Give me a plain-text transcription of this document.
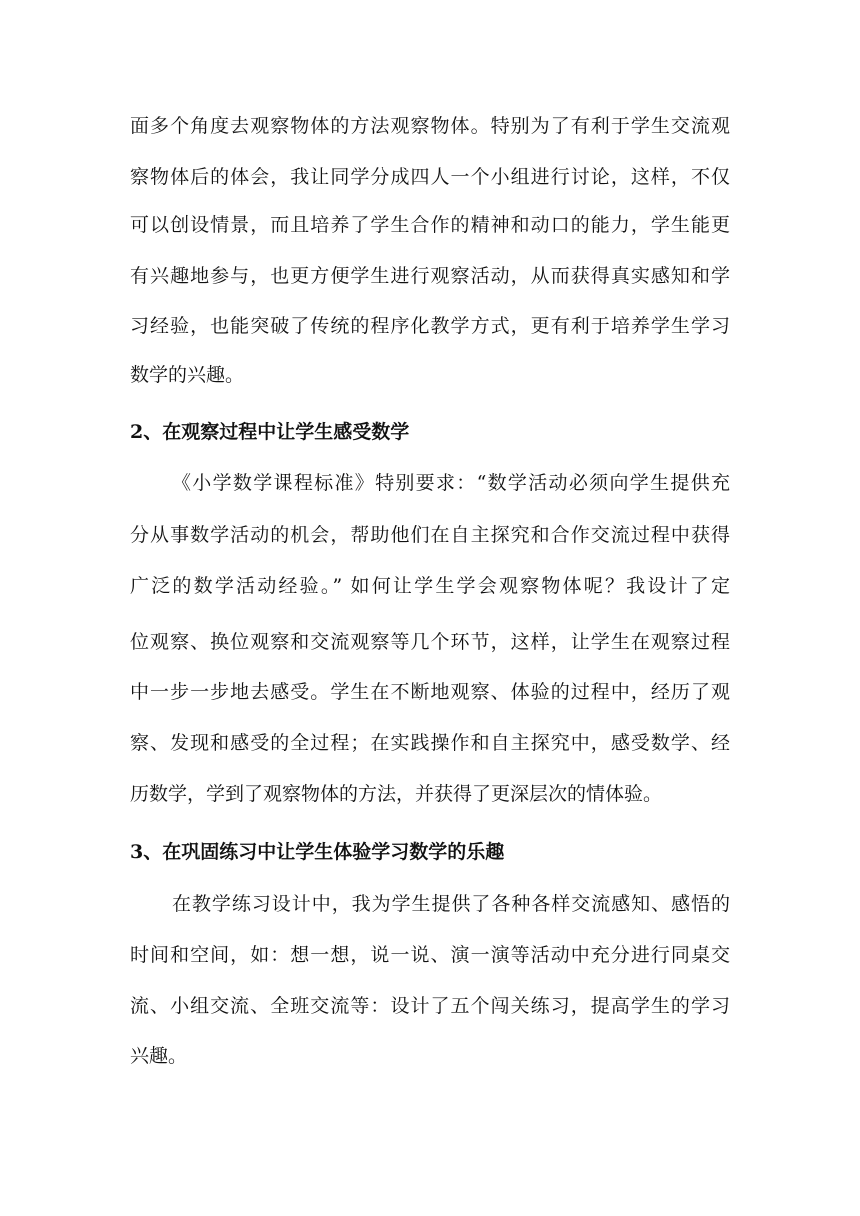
面多个角度去观察物体的方法观察物体。特别为了有利于学生交流观
察物体后的体会，我让同学分成四人一个小组进行讨论，这样，不仅
可以创设情景，而且培养了学生合作的精神和动口的能力，学生能更
有兴趣地参与，也更方便学生进行观察活动，从而获得真实感知和学
习经验，也能突破了传统的程序化教学方式，更有利于培养学生学习
数学的兴趣。
2、在观察过程中让学生感受数学
《小学数学课程标准》特别要求：“数学活动必须向学生提供充
分从事数学活动的机会，帮助他们在自主探究和合作交流过程中获得
广泛的数学活动经验。” 如何让学生学会观察物体呢？我设计了定
位观察、换位观察和交流观察等几个环节，这样，让学生在观察过程
中一步一步地去感受。学生在不断地观察、体验的过程中，经历了观
察、发现和感受的全过程；在实践操作和自主探究中，感受数学、经
历数学，学到了观察物体的方法，并获得了更深层次的情体验。
3、在巩固练习中让学生体验学习数学的乐趣
在教学练习设计中，我为学生提供了各种各样交流感知、感悟的
时间和空间，如：想一想，说一说、演一演等活动中充分进行同桌交
流、小组交流、全班交流等：设计了五个闯关练习，提高学生的学习
兴趣。
